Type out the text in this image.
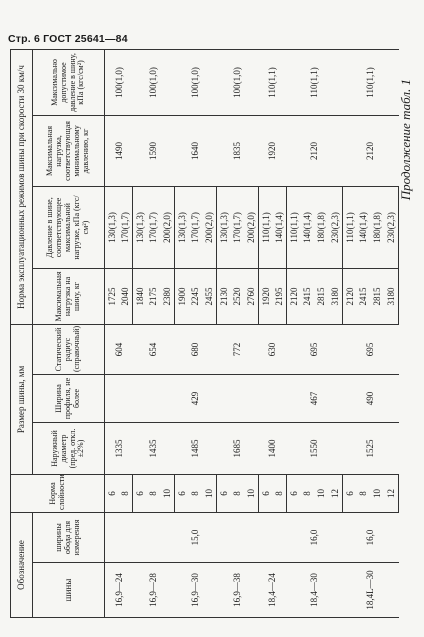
Стр. 6 ГОСТ 25641—84
Продолжение табл. 1
Обозначение		Норма слойности	Размер шины, мм			Норма эксплуатационных режимов шины при скорости 30 км/ч			
шины	ширины обода для измерения		Наружный диаметр (пред. откл. ±2%)	Ширина профиля, не более	Статический радиус (справочный)	Максимальная нагрузка на шину, кг	Давление в шине, соответствующее максимальной нагрузке, кПа (кгс/см²)	Максимальная нагрузка, соответствующая минимальному давлению, кг	Максимально допустимое давление в шину, кПа (кгс/см²)
16,9—24		6	1335		604	1725	130(1,3)	1490	100(1,0)
		8				2040	170(1,7)		
16,9—28		6	1435		654	1840	130(1,3)	1590	100(1,0)
		8				2175	170(1,7)		
		10				2380	200(2,0)		
16,9—30	15,0	6	1485	429	680	1900	130(1,3)	1640	100(1,0)
		8				2245	170(1,7)		
		10				2455	200(2,0)		
16,9—38		6	1685		772	2130	130(1,3)	1835	100(1,0)
		8				2520	170(1,7)		
		10				2760	200(2,0)		
18,4—24		6	1400		630	1920	110(1,1)	1920	110(1,1)
		8				2195	140(1,4)		
18,4—30	16,0	6	1550	467	695	2120	110(1,1)	2120	110(1,1)
		8				2415	140(1,4)		
		10				2815	180(1,8)		
		12				3180	230(2,3)		
18,4L—30	16,0	6	1525	490	695	2120	110(1,1)	2120	110(1,1)
		8				2415	140(1,4)		
		10				2815	180(1,8)		
		12				3180	230(2,3)		
